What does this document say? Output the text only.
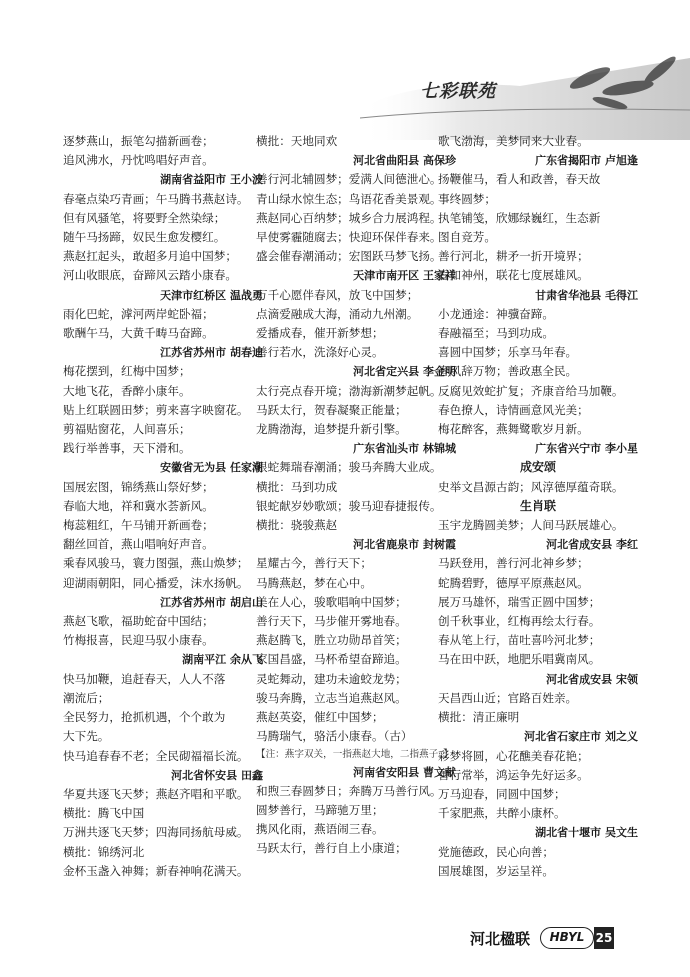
七彩联苑
逐梦燕山，振笔勾描新画卷；
追风沸水，丹忱鸣唱好声音。
湖南省益阳市 王小波
春毫点染巧青画；午马腾书燕赵诗。
但有风骚笔，将要野全然染绿；
随午马扬蹄，奴民生愈发樱红。
燕赵扛起头，敢超多月追中国梦；
河山收眼底，奋蹄风云踏小康春。
天津市红桥区 温战勇
雨化巴蛇，滹河两岸蛇卧福；
歌酬午马，大黄千畴马奋蹄。
江苏省苏州市 胡春迪
梅花摆到，红梅中国梦；
大地飞花，香醉小康年。
贴上红联圆田梦；剪来喜字映窗花。
剪福贴窗花，人间喜乐；
践行举善事，天下滑和。
安徽省无为县 任家潮
国展宏图，锦绣燕山祭好梦；
春临大地，祥和冀水荟新风。
梅蕊粗红，午马铺开新画卷；
翻丝回首，燕山唱响好声音。
乘春风骏马，寰力图强，燕山焕梦；
迎湖雨朝阳，同心播爱，沫水扬帆。
江苏省苏州市 胡启山
燕赵飞歌，福助蛇奋中国结；
竹梅报喜，民迎马驭小康春。
湖南平江 余从飞
快马加鞭，追赶春天，人人不落
潮流后；
全民努力，抢抓机遇，个个敢为
大下先。
快马追春春不老；全民砌福福长流。
河北省怀安县 田鑫
华夏共逐飞天梦；燕赵齐唱和平歌。
横批：腾飞中国
万洲共逐飞天梦；四海同扬航母威。
横批：锦绣河北
金杯玉盏入神舞；新春神响花满天。
横批：天地同欢
河北省曲阳县 高保珍
善行河北辅圆梦；爱满人间德泄心。
青山绿水惊生态；鸟语花香美景观。
燕赵同心百纳梦；城乡合力展鸿程。
早使雾霾随腐去；快迎环保伴春来。
盛会催春潮涌动；宏图跃马梦飞扬。
天津市南开区 王家祥
万千心愿伴春风，放飞中国梦；
点滴爱融成大海，涌动九州潮。
爱播成春，催开新梦想；
善行若水，洗涤好心灵。
河北省定兴县 李金明
太行亮点春开境；渤海新潮梦起帆。
马跃太行，贺春凝聚正能量；
龙腾渤海，追梦提升新引擎。
广东省汕头市 林锦城
银蛇舞瑞春潮涌；骏马奔腾大业成。
横批：马到功成
银蛇献岁妙歌颂；骏马迎春捷报传。
横批：骁骏燕赵
河北省鹿泉市 封树霞
星耀古今，善行天下；
马腾燕赵，梦在心中。
美在人心，骏歌唱响中国梦；
善行天下，马步催开雾地春。
燕赵腾飞，胜立功勋昂首笑；
家国昌盛，马杯希望奋蹄追。
灵蛇舞动，建功未逾蛟龙势；
骏马奔腾，立志当追燕赵风。
燕赵英姿，催红中国梦；
马腾瑞气，骆活小康春。（古）
【注：燕字双关，一指燕赵大地，二指燕子。】
河南省安阳县 曹文献
和煦三春圆梦日；奔腾万马善行风。
圆梦善行，马蹄驰万里；
携风化雨，燕语闹三春。
马跃太行，善行自上小康道；
歌飞渤海，美梦同来大业春。
广东省揭阳市 卢旭逢
扬鞭催马，看人和政善，春天故
事终圆梦；
执笔铺笺，欣娜绿巍红，生态新
图自竞芳。
善行河北，耕矛一折开境界；
春如神州，联花七度展雄风。
甘肃省华池县 毛得江
小龙通途：神骥奋蹄。
春融福至；马到功成。
喜圆中国梦；乐享马年春。
春风辞万物；善政惠全民。
反腐见效蛇扩复；齐康音给马加鞭。
春色撩人，诗情画意风光美；
梅花醉客，燕舞鹭歌岁月新。
广东省兴宁市 李小星
成安颂
史举文昌源古韵；风淳德厚蕴奇联。
生肖联
玉宇龙腾圆美梦；人间马跃展雄心。
河北省成安县 李红
马跃登用，善行河北神乡梦；
蛇腾碧野，德厚平原燕赵风。
展万马雄怀，瑞雪正圆中国梦；
创千秋事业，红梅再绘太行春。
春从笔上行，苗吐喜吟河北梦；
马在田中跃，地肥乐唱冀南风。
河北省成安县 宋领
天昌西山近；官路百姓亲。
横批：清正廉明
河北省石家庄市 刘之义
彩梦将圆，心花醮美春花艳；
善行常举，鸿运争先好运多。
万马迎春，同圆中国梦；
千家肥燕，共醉小康杯。
湖北省十堰市 吴文生
党施德政，民心向善；
国展雄图，岁运呈祥。
河北楹联	HBYL 25
